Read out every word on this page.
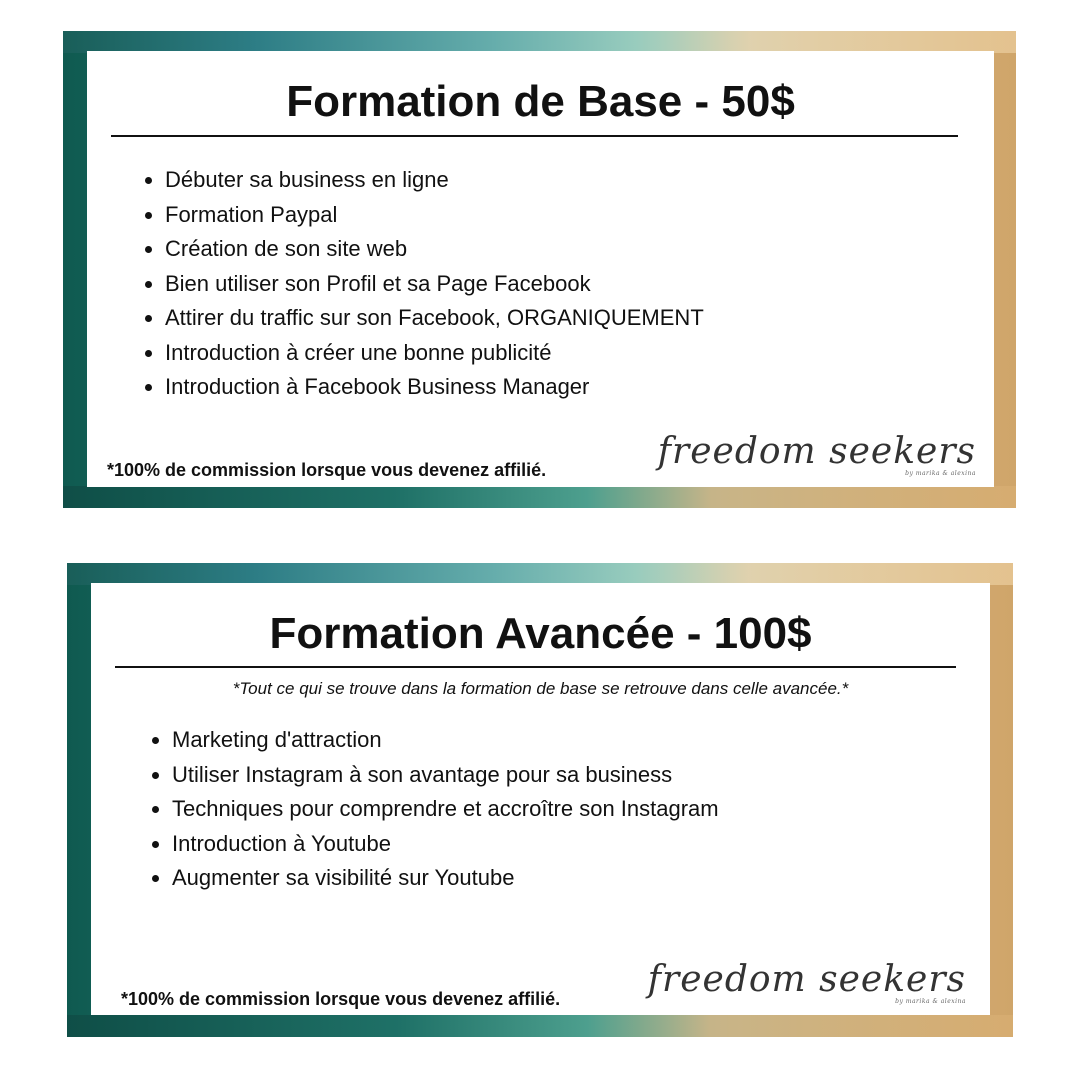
Formation de Base - 50$
Débuter sa business en ligne
Formation Paypal
Création de son site web
Bien utiliser son Profil et sa Page Facebook
Attirer du traffic sur son Facebook, ORGANIQUEMENT
Introduction à créer une bonne publicité
Introduction à Facebook Business Manager
*100% de commission lorsque vous devenez affilié.	freedom seekers
by marika & alexina
Formation Avancée - 100$
*Tout ce qui se trouve dans la formation de base se retrouve dans celle avancée.*
Marketing d'attraction
Utiliser Instagram à son avantage pour sa business
Techniques pour comprendre et accroître son Instagram
Introduction à Youtube
Augmenter sa visibilité sur Youtube
*100% de commission lorsque vous devenez affilié. freedom seekers
by marika & alexina
